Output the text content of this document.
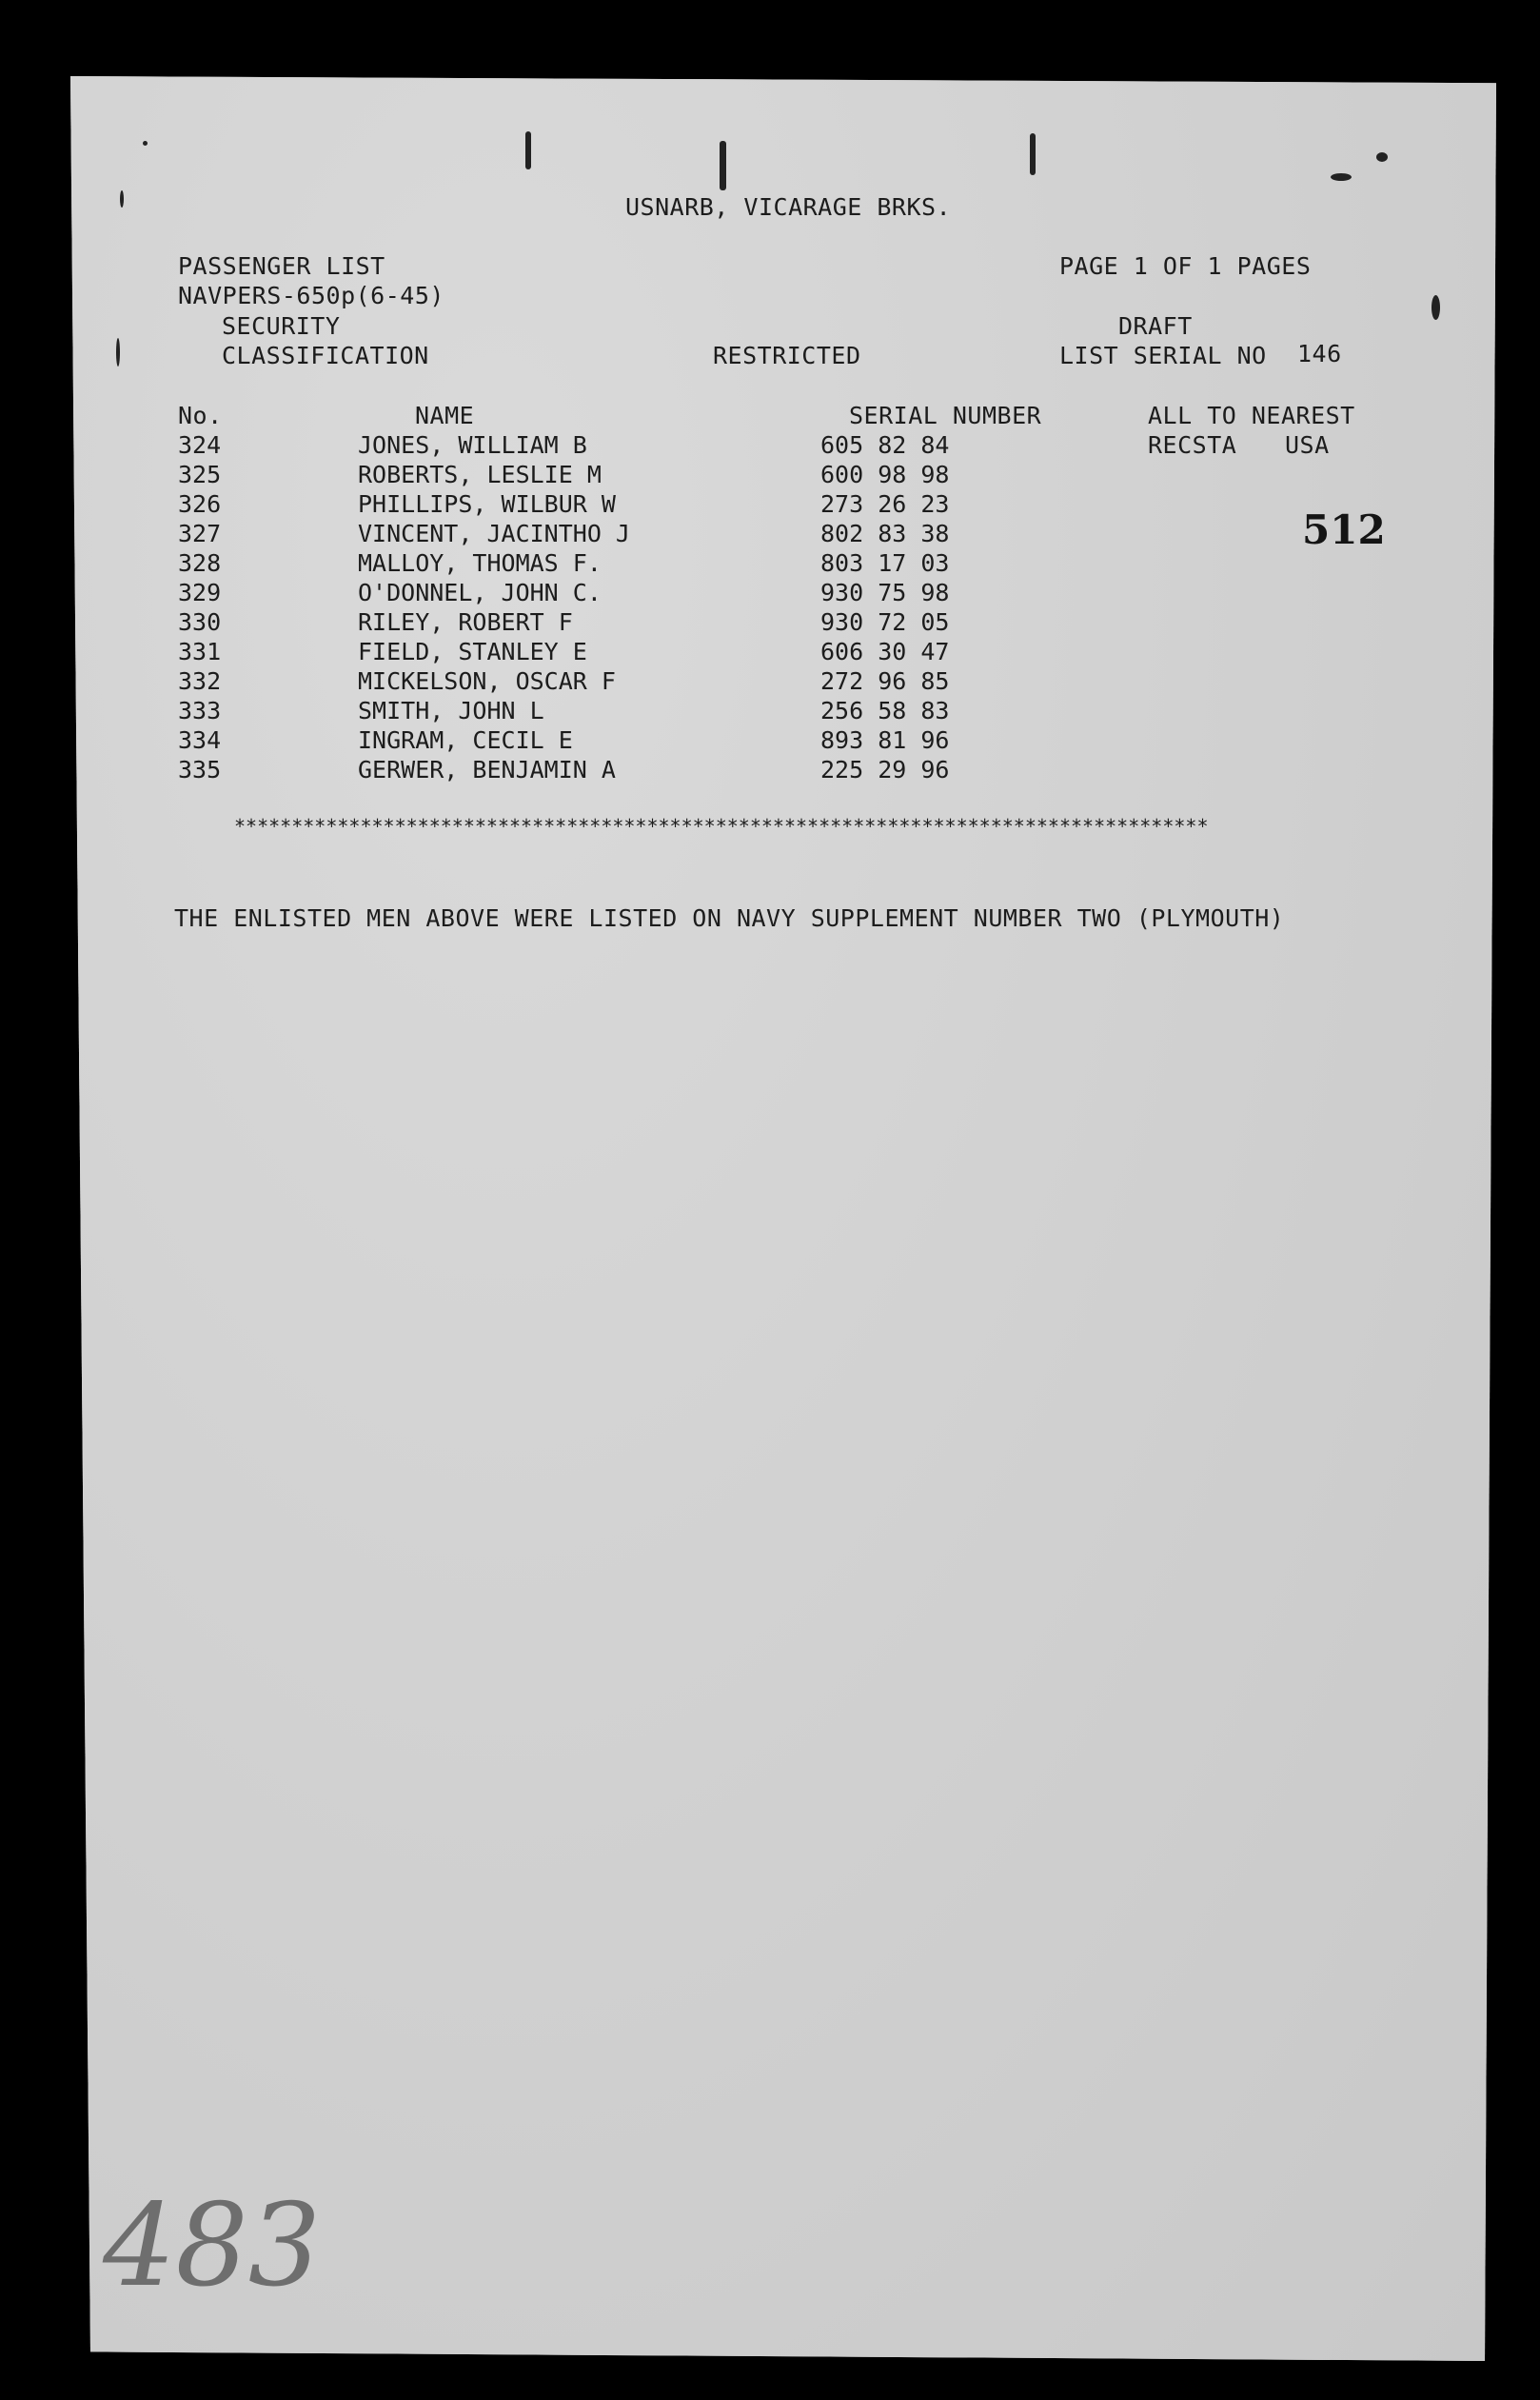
USNARB, VICARAGE BRKS.
PASSENGER LIST
NAVPERS-650p(6-45)
PAGE 1 OF 1 PAGES
SECURITY
CLASSIFICATION	RESTRICTED
DRAFT
LIST SERIAL NO 146
No.	NAME	SERIAL NUMBER	ALL TO NEAREST
RECSTA USA
512
324	JONES, WILLIAM B	605 82 84
325	ROBERTS, LESLIE M	600 98 98
326	PHILLIPS, WILBUR W	273 26 23
327	VINCENT, JACINTHO J	802 83 38
328	MALLOY, THOMAS F.	803 17 03
329	O'DONNEL, JOHN C.	930 75 98
330	RILEY, ROBERT F	930 72 05
331	FIELD, STANLEY E	606 30 47
332	MICKELSON, OSCAR F	272 96 85
333	SMITH, JOHN L	256 58 83
334	INGRAM, CECIL E	893 81 96
335	GERWER, BENJAMIN A	225 29 96
*************************************************************************************
THE ENLISTED MEN ABOVE WERE LISTED ON NAVY SUPPLEMENT NUMBER TWO (PLYMOUTH)
483
